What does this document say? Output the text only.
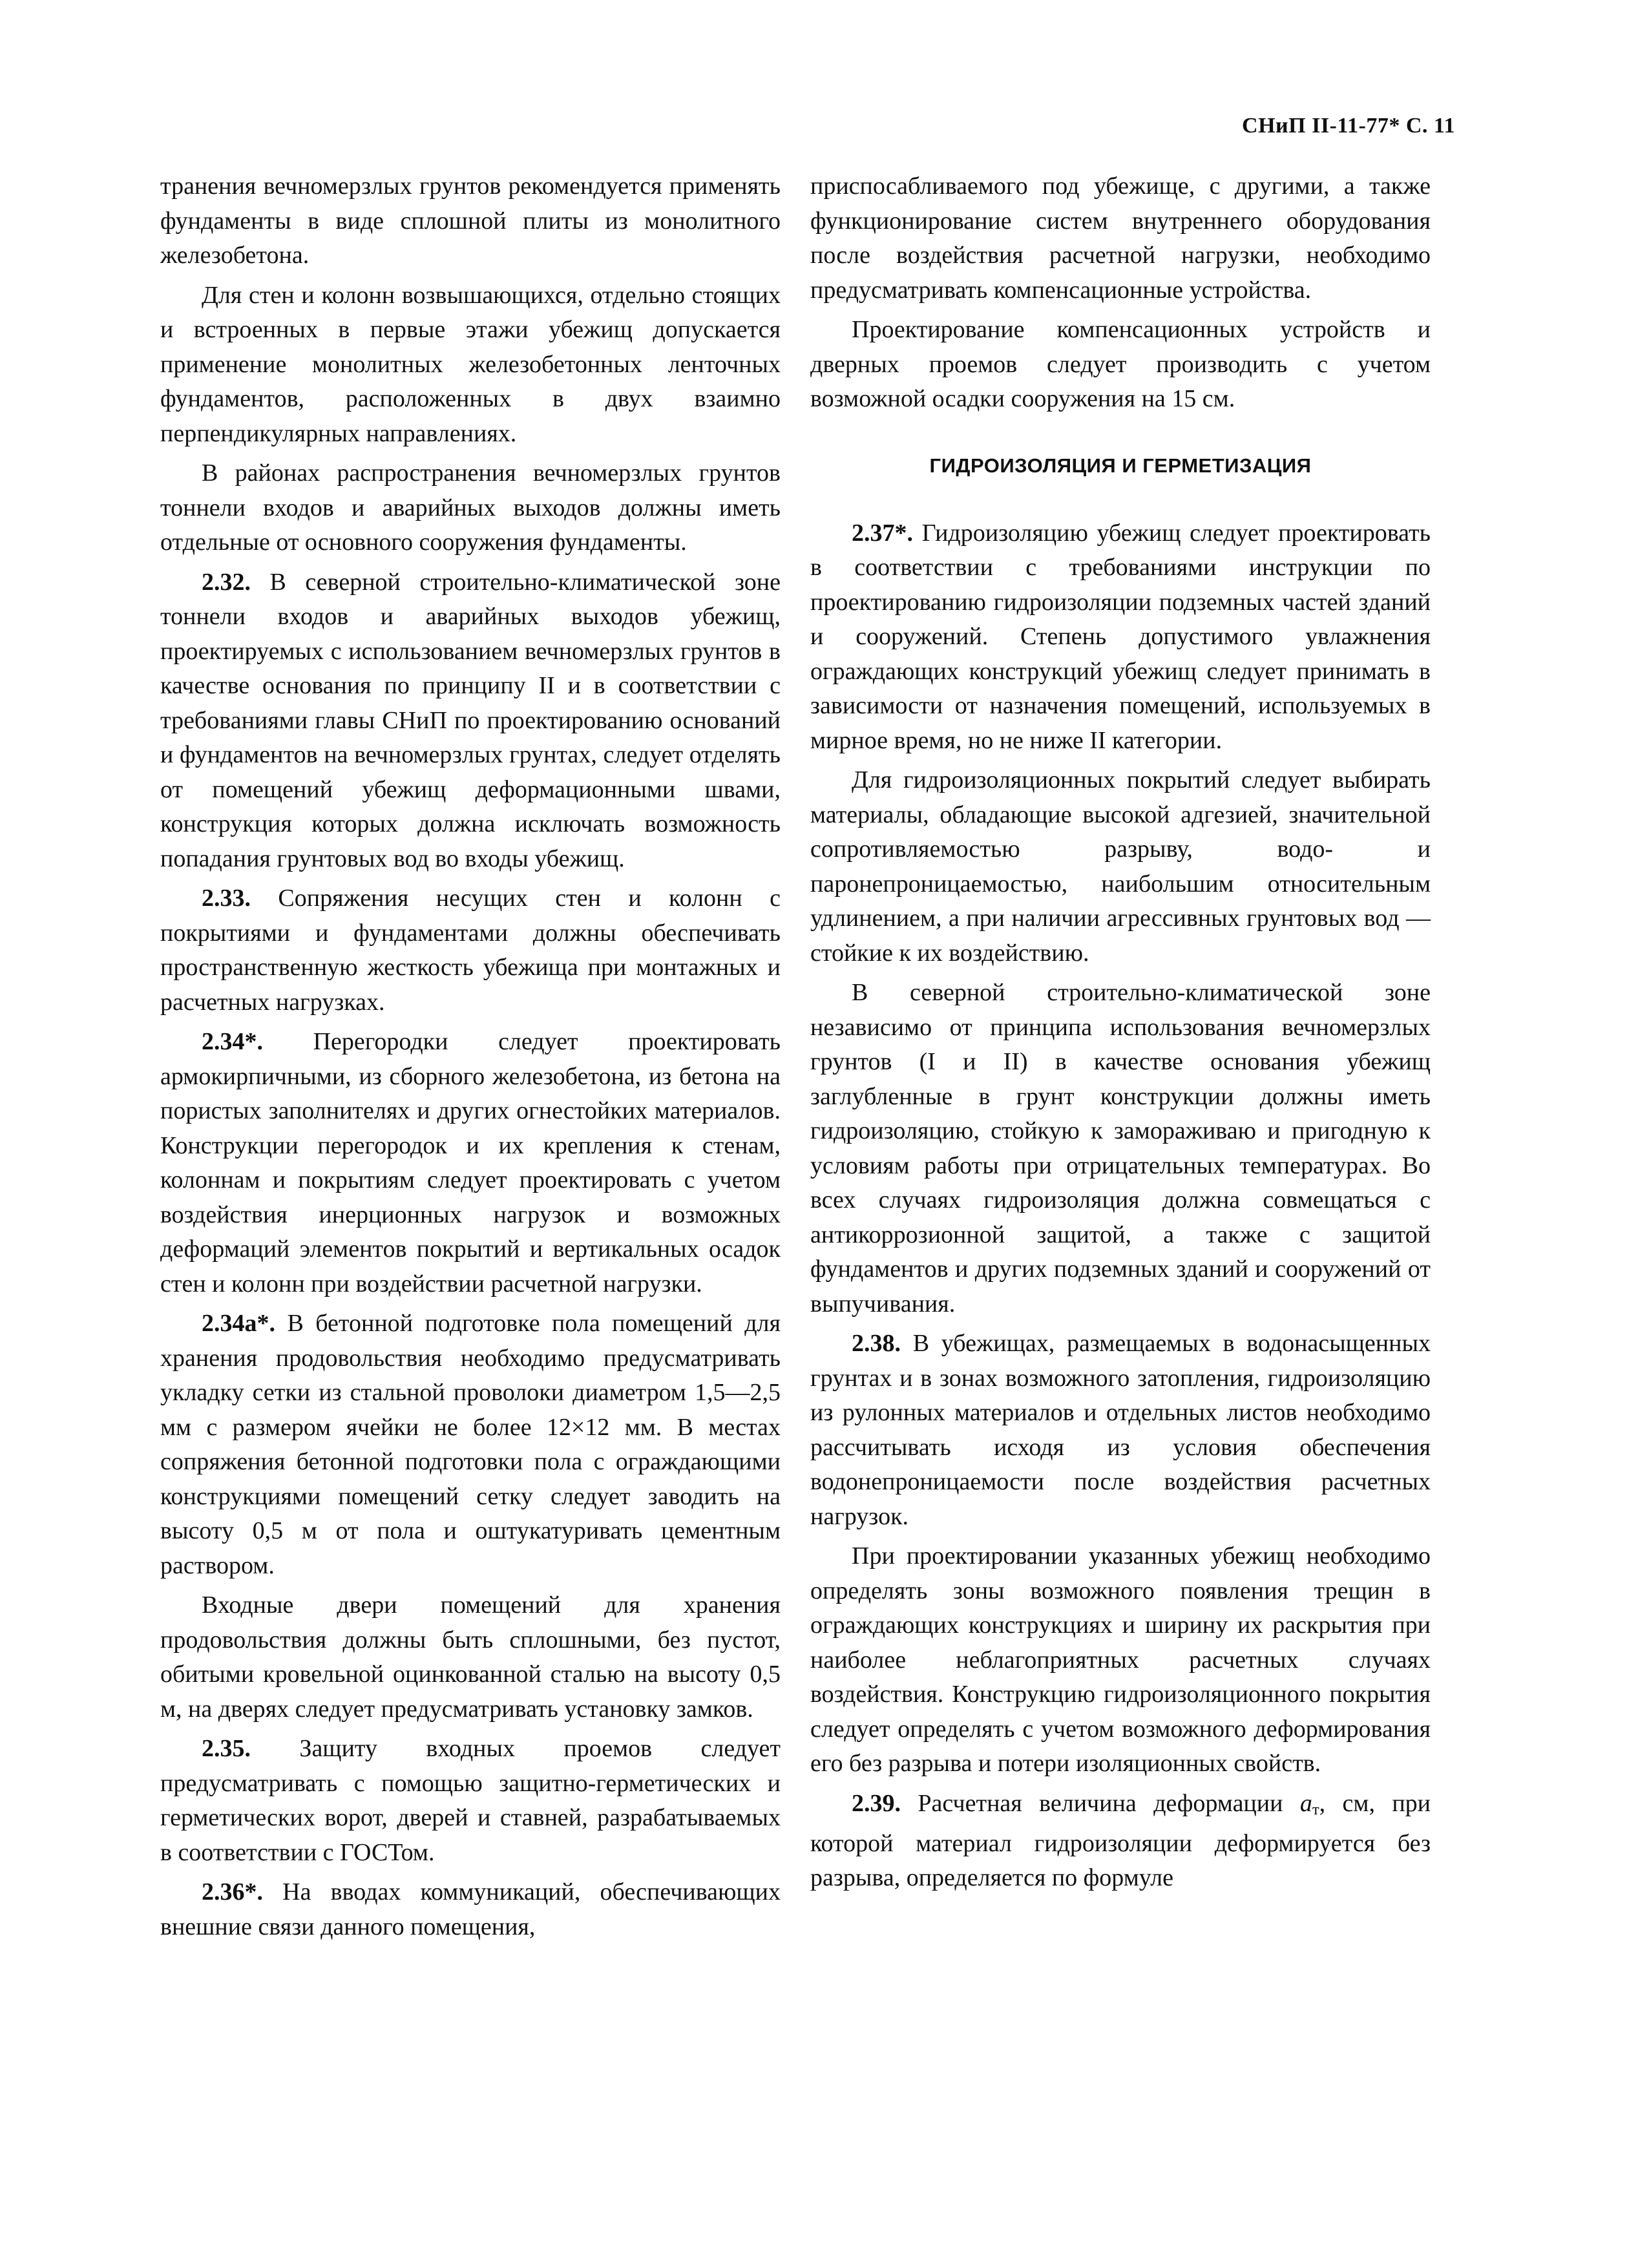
СНиП II-11-77* С. 11

транения вечномерзлых грунтов рекомендуется применять фундаменты в виде сплошной плиты из монолитного железобетона.

Для стен и колонн возвышающихся, отдельно стоящих и встроенных в первые этажи убежищ допускается применение монолитных железобетонных ленточных фундаментов, расположенных в двух взаимно перпендикулярных направлениях.

В районах распространения вечномерзлых грунтов тоннели входов и аварийных выходов должны иметь отдельные от основного сооружения фундаменты.

2.32. В северной строительно-климатической зоне тоннели входов и аварийных выходов убежищ, проектируемых с использованием вечномерзлых грунтов в качестве основания по принципу II и в соответствии с требованиями главы СНиП по проектированию оснований и фундаментов на вечномерзлых грунтах, следует отделять от помещений убежищ деформационными швами, конструкция которых должна исключать возможность попадания грунтовых вод во входы убежищ.

2.33. Сопряжения несущих стен и колонн с покрытиями и фундаментами должны обеспечивать пространственную жесткость убежища при монтажных и расчетных нагрузках.

2.34*. Перегородки следует проектировать армокирпичными, из сборного железобетона, из бетона на пористых заполнителях и других огнестойких материалов. Конструкции перегородок и их крепления к стенам, колоннам и покрытиям следует проектировать с учетом воздействия инерционных нагрузок и возможных деформаций элементов покрытий и вертикальных осадок стен и колонн при воздействии расчетной нагрузки.

2.34а*. В бетонной подготовке пола помещений для хранения продовольствия необходимо предусматривать укладку сетки из стальной проволоки диаметром 1,5—2,5 мм с размером ячейки не более 12×12 мм. В местах сопряжения бетонной подготовки пола с ограждающими конструкциями помещений сетку следует заводить на высоту 0,5 м от пола и оштукатуривать цементным раствором.

Входные двери помещений для хранения продовольствия должны быть сплошными, без пустот, обитыми кровельной оцинкованной сталью на высоту 0,5 м, на дверях следует предусматривать установку замков.

2.35. Защиту входных проемов следует предусматривать с помощью защитно-герметических и герметических ворот, дверей и ставней, разрабатываемых в соответствии с ГОСТом.

2.36*. На вводах коммуникаций, обеспечивающих внешние связи данного помещения,

приспосабливаемого под убежище, с другими, а также функционирование систем внутреннего оборудования после воздействия расчетной нагрузки, необходимо предусматривать компенсационные устройства.

Проектирование компенсационных устройств и дверных проемов следует производить с учетом возможной осадки сооружения на 15 см.

ГИДРОИЗОЛЯЦИЯ И ГЕРМЕТИЗАЦИЯ

2.37*. Гидроизоляцию убежищ следует проектировать в соответствии с требованиями инструкции по проектированию гидроизоляции подземных частей зданий и сооружений. Степень допустимого увлажнения ограждающих конструкций убежищ следует принимать в зависимости от назначения помещений, используемых в мирное время, но не ниже II категории.

Для гидроизоляционных покрытий следует выбирать материалы, обладающие высокой адгезией, значительной сопротивляемостью разрыву, водо- и паронепроницаемостью, наибольшим относительным удлинением, а при наличии агрессивных грунтовых вод — стойкие к их воздействию.

В северной строительно-климатической зоне независимо от принципа использования вечномерзлых грунтов (I и II) в качестве основания убежищ заглубленные в грунт конструкции должны иметь гидроизоляцию, стойкую к замораживаю и пригодную к условиям работы при отрицательных температурах. Во всех случаях гидроизоляция должна совмещаться с антикоррозионной защитой, а также с защитой фундаментов и других подземных зданий и сооружений от выпучивания.

2.38. В убежищах, размещаемых в водонасыщенных грунтах и в зонах возможного затопления, гидроизоляцию из рулонных материалов и отдельных листов необходимо рассчитывать исходя из условия обеспечения водонепроницаемости после воздействия расчетных нагрузок.

При проектировании указанных убежищ необходимо определять зоны возможного появления трещин в ограждающих конструкциях и ширину их раскрытия при наиболее неблагоприятных расчетных случаях воздействия. Конструкцию гидроизоляционного покрытия следует определять с учетом возможного деформирования его без разрыва и потери изоляционных свойств.

2.39. Расчетная величина деформации $a_т$, см, при которой материал гидроизоляции деформируется без разрыва, определяется по формуле
